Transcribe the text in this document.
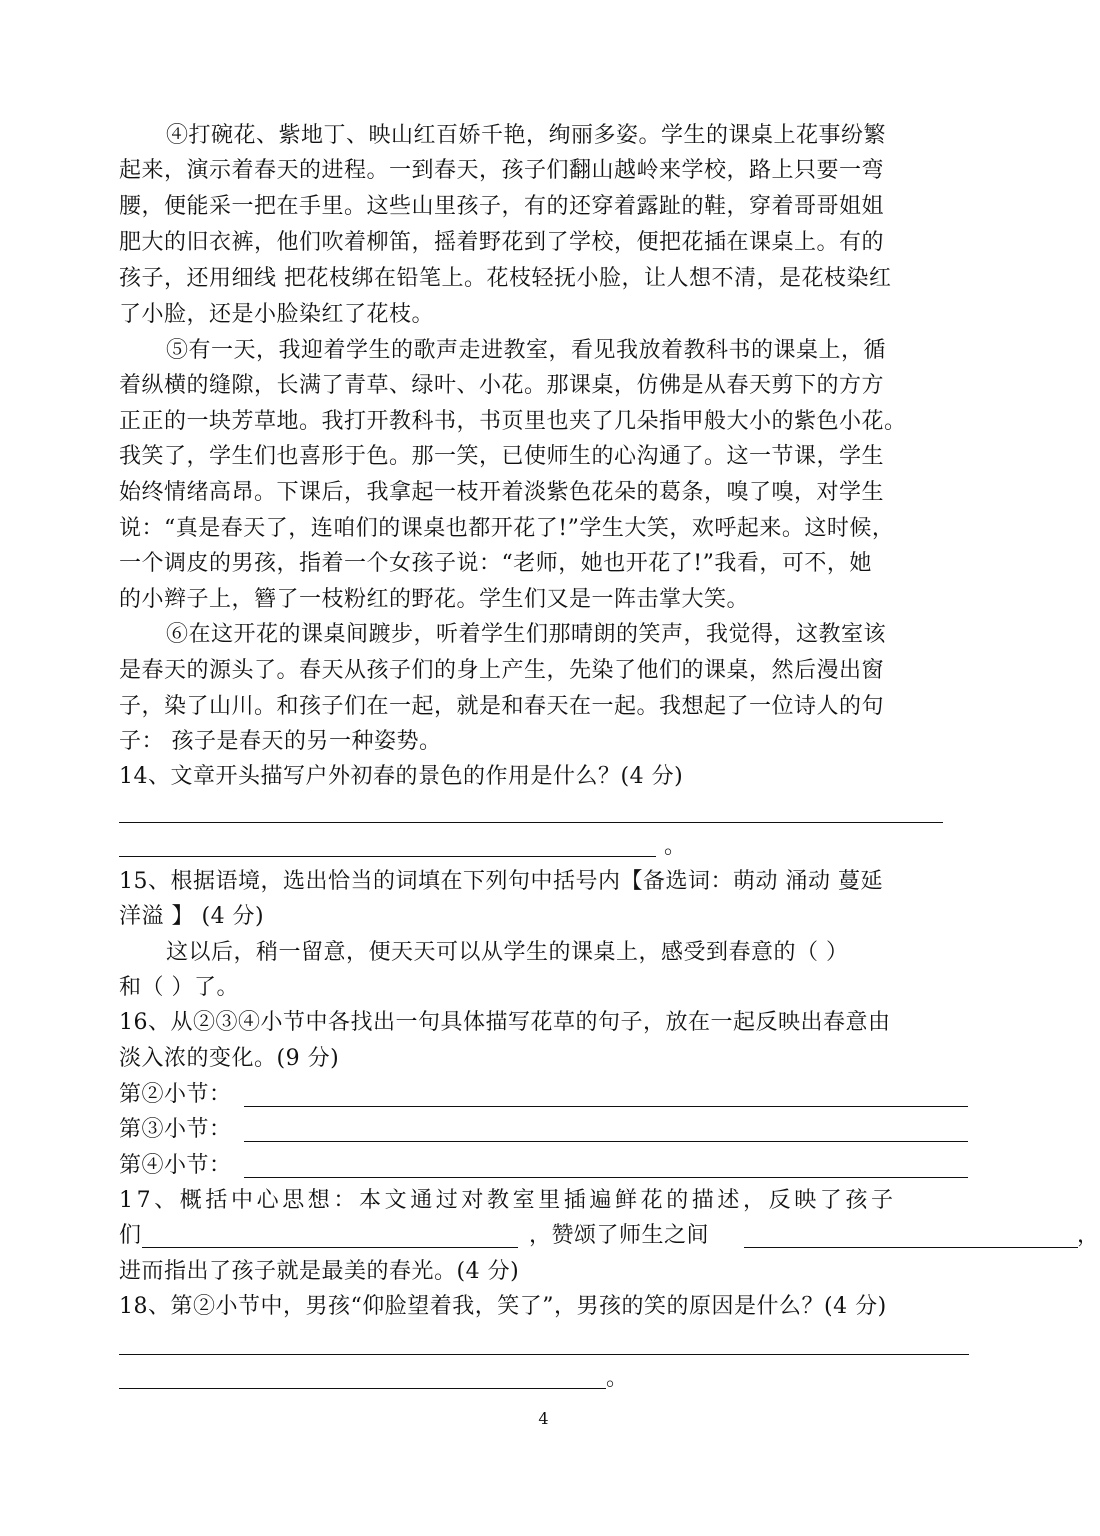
④打碗花、紫地丁、映山红百娇千艳，绚丽多姿。学生的课桌上花事纷繁
起来，演示着春天的进程。一到春天，孩子们翻山越岭来学校，路上只要一弯
腰，便能采一把在手里。这些山里孩子，有的还穿着露趾的鞋，穿着哥哥姐姐
肥大的旧衣裤，他们吹着柳笛，摇着野花到了学校，便把花插在课桌上。有的
孩子，还用细线 把花枝绑在铅笔上。花枝轻抚小脸，让人想不清，是花枝染红
了小脸，还是小脸染红了花枝。
⑤有一天，我迎着学生的歌声走进教室，看见我放着教科书的课桌上，循
着纵横的缝隙，长满了青草、绿叶、小花。那课桌，仿佛是从春天剪下的方方
正正的一块芳草地。我打开教科书，书页里也夹了几朵指甲般大小的紫色小花。
我笑了，学生们也喜形于色。那一笑，已使师生的心沟通了。这一节课，学生
始终情绪高昂。下课后，我拿起一枝开着淡紫色花朵的葛条，嗅了嗅，对学生
说：“真是春天了，连咱们的课桌也都开花了!”学生大笑，欢呼起来。这时候，
一个调皮的男孩，指着一个女孩子说：“老师，她也开花了!”我看，可不，她
的小辫子上，簪了一枝粉红的野花。学生们又是一阵击掌大笑。
⑥在这开花的课桌间踱步，听着学生们那晴朗的笑声，我觉得，这教室该
是春天的源头了。春天从孩子们的身上产生，先染了他们的课桌，然后漫出窗
子，染了山川。和孩子们在一起，就是和春天在一起。我想起了一位诗人的句
子： 孩子是春天的另一种姿势。
14、文章开头描写户外初春的景色的作用是什么？(4 分)
。
15、根据语境，选出恰当的词填在下列句中括号内【备选词：萌动 涌动 蔓延
洋溢 】 (4 分)
这以后，稍一留意，便天天可以从学生的课桌上，感受到春意的（ ）
和（ ）了。
16、从②③④小节中各找出一句具体描写花草的句子，放在一起反映出春意由
淡入浓的变化。(9 分)
第②小节：
第③小节：
第④小节：
17、概括中心思想：本文通过对教室里插遍鲜花的描述，反映了孩子
们	，赞颂了师生之间	，
进而指出了孩子就是最美的春光。(4 分)
18、第②小节中，男孩“仰脸望着我，笑了”，男孩的笑的原因是什么？(4 分)
。
4
